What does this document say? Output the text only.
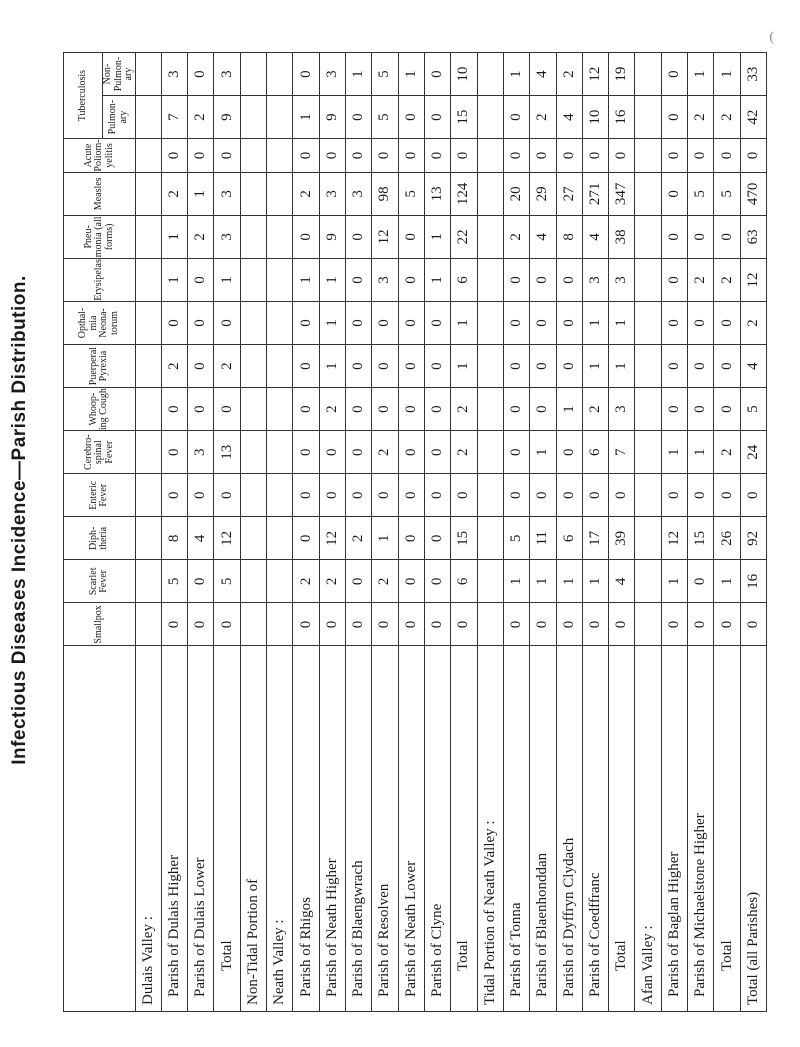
Infectious Diseases Incidence—Parish Distribution.
(
	Smallpox	Scarlet Fever	Diph-theria	Enteric Fever	Cerebro-spinal Fever	Whoop-ing Cough	Puerperal Pyrexia	Opthal-mia Neona-torum	Erysipelas	Pneu-monia (all forms)	Measles	Acute Poliom-yelitis	Tuberculosis	
													Pulmon-ary	Non-Pulmon-ary
Dulais Valley :														
Parish of Dulais Higher	0	5	8	0	0	0	2	0	1	1	2	0	7	3
Parish of Dulais Lower	0	0	4	0	3	0	0	0	0	2	1	0	2	0
Total	0	5	12	0	13	0	2	0	1	3	3	0	9	3
Non-Tidal Portion of														
Neath Valley :														
Parish of Rhigos	0	2	0	0	0	0	0	0	1	0	2	0	1	0
Parish of Neath Higher	0	2	12	0	0	2	1	1	1	9	3	0	9	3
Parish of Blaengwrach	0	0	2	0	0	0	0	0	0	0	3	0	0	1
Parish of Resolven	0	2	1	0	2	0	0	0	3	12	98	0	5	5
Parish of Neath Lower	0	0	0	0	0	0	0	0	0	0	5	0	0	1
Parish of Clyne	0	0	0	0	0	0	0	0	1	1	13	0	0	0
Total	0	6	15	0	2	2	1	1	6	22	124	0	15	10
Tidal Portion of Neath Valley :														
Parish of Tonna	0	1	5	0	0	0	0	0	0	2	20	0	0	1
Parish of Blaenhonddan	0	1	11	0	1	0	0	0	0	4	29	0	2	4
Parish of Dyffryn Clydach	0	1	6	0	0	1	0	0	0	8	27	0	4	2
Parish of Coedffranc	0	1	17	0	6	2	1	1	3	4	271	0	10	12
Total	0	4	39	0	7	3	1	1	3	38	347	0	16	19
Afan Valley :														
Parish of Baglan Higher	0	1	12	0	1	0	0	0	0	0	0	0	0	0
Parish of Michaelstone Higher	0	0	15	0	1	0	0	0	2	0	5	0	2	1
Total	0	1	26	0	2	0	0	0	2	0	5	0	2	1
Total (all Parishes)	0	16	92	0	24	5	4	2	12	63	470	0	42	33
